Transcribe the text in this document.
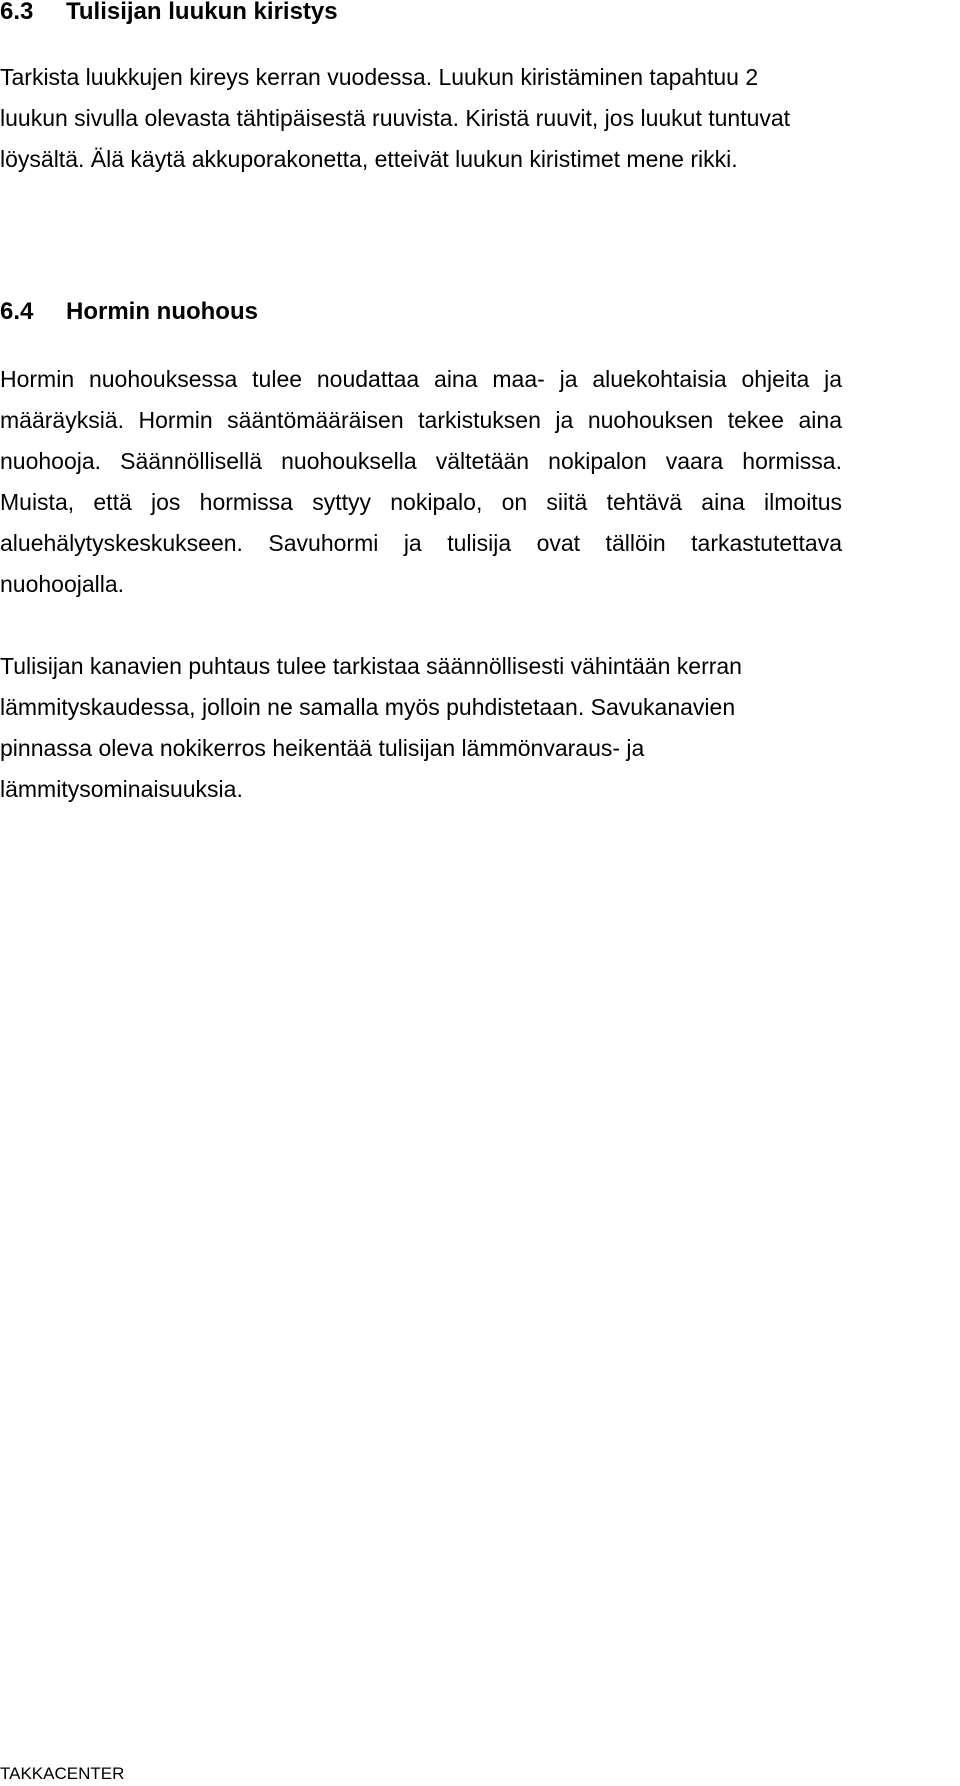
6.3 Tulisijan luukun kiristys
Tarkista luukkujen kireys kerran vuodessa. Luukun kiristäminen tapahtuu 2
luukun sivulla olevasta tähtipäisestä ruuvista. Kiristä ruuvit, jos luukut tuntuvat
löysältä. Älä käytä akkuporakonetta, etteivät luukun kiristimet mene rikki.
6.4 Hormin nuohous
Hormin nuohouksessa tulee noudattaa aina maa- ja aluekohtaisia ohjeita ja
määräyksiä. Hormin sääntömääräisen tarkistuksen ja nuohouksen tekee aina
nuohooja. Säännöllisellä nuohouksella vältetään nokipalon vaara hormissa.
Muista, että jos hormissa syttyy nokipalo, on siitä tehtävä aina ilmoitus
aluehälytyskeskukseen. Savuhormi ja tulisija ovat tällöin tarkastutettava
nuohoojalla.
Tulisijan kanavien puhtaus tulee tarkistaa säännöllisesti vähintään kerran
lämmityskaudessa, jolloin ne samalla myös puhdistetaan. Savukanavien
pinnassa oleva nokikerros heikentää tulisijan lämmönvaraus- ja
lämmitysominaisuuksia.
TAKKACENTER
